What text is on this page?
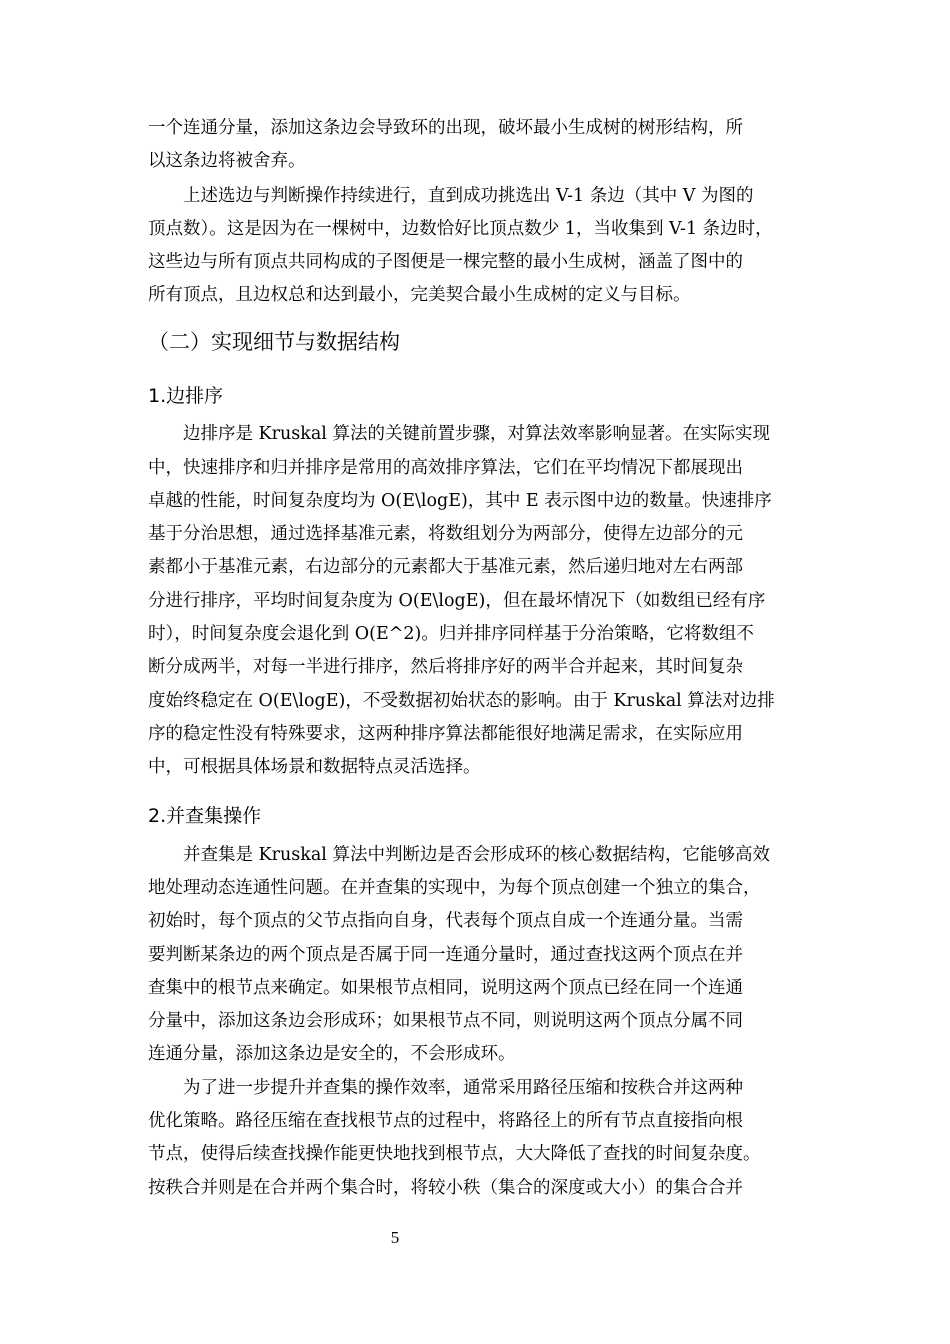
一个连通分量，添加这条边会导致环的出现，破坏最小生成树的树形结构，所

以这条边将被舍弃。

上述选边与判断操作持续进行，直到成功挑选出 V-1 条边（其中 V 为图的

顶点数）。这是因为在一棵树中，边数恰好比顶点数少 1，当收集到 V-1 条边时，

这些边与所有顶点共同构成的子图便是一棵完整的最小生成树，涵盖了图中的

所有顶点，且边权总和达到最小，完美契合最小生成树的定义与目标。

（二）实现细节与数据结构
1.边排序

边排序是 Kruskal 算法的关键前置步骤，对算法效率影响显著。在实际实现

中，快速排序和归并排序是常用的高效排序算法，它们在平均情况下都展现出

卓越的性能，时间复杂度均为 O(E\logE)，其中 E 表示图中边的数量。快速排序

基于分治思想，通过选择基准元素，将数组划分为两部分，使得左边部分的元

素都小于基准元素，右边部分的元素都大于基准元素，然后递归地对左右两部

分进行排序，平均时间复杂度为 O(E\logE)，但在最坏情况下（如数组已经有序

时），时间复杂度会退化到 O(E^2)。归并排序同样基于分治策略，它将数组不

断分成两半，对每一半进行排序，然后将排序好的两半合并起来，其时间复杂

度始终稳定在 O(E\logE)，不受数据初始状态的影响。由于 Kruskal 算法对边排

序的稳定性没有特殊要求，这两种排序算法都能很好地满足需求，在实际应用

中，可根据具体场景和数据特点灵活选择。

2.并查集操作

并查集是 Kruskal 算法中判断边是否会形成环的核心数据结构，它能够高效

地处理动态连通性问题。在并查集的实现中，为每个顶点创建一个独立的集合，

初始时，每个顶点的父节点指向自身，代表每个顶点自成一个连通分量。当需

要判断某条边的两个顶点是否属于同一连通分量时，通过查找这两个顶点在并

查集中的根节点来确定。如果根节点相同，说明这两个顶点已经在同一个连通

分量中，添加这条边会形成环；如果根节点不同，则说明这两个顶点分属不同

连通分量，添加这条边是安全的，不会形成环。

为了进一步提升并查集的操作效率，通常采用路径压缩和按秩合并这两种

优化策略。路径压缩在查找根节点的过程中，将路径上的所有节点直接指向根

节点，使得后续查找操作能更快地找到根节点，大大降低了查找的时间复杂度。

按秩合并则是在合并两个集合时，将较小秩（集合的深度或大小）的集合合并

5
